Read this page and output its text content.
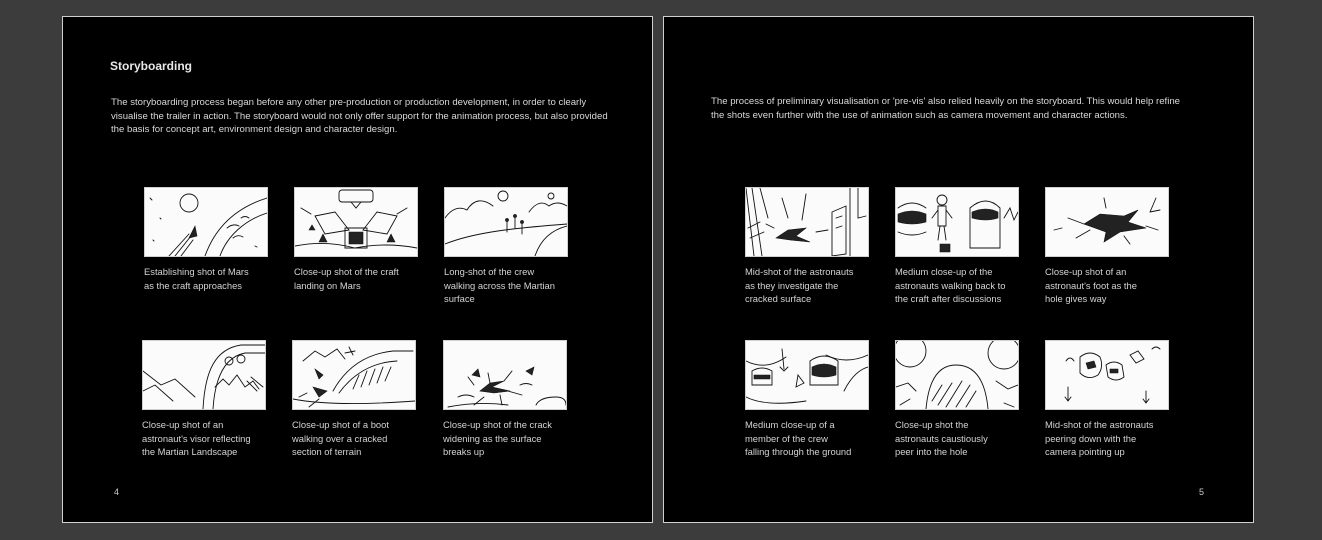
Storyboarding
The storyboarding process began before any other pre-production or production development, in order to clearly visualise the trailer in action. The storyboard would not only offer support for the animation process, but also provided the basis for concept art, environment design and character design.
Establishing shot of Mars
as the craft approaches
Close-up shot of the craft
landing on Mars
Long-shot of the crew
walking across the Martian
surface
Close-up shot of an
astronaut's visor reflecting
the Martian Landscape
Close-up shot of a boot
walking over a cracked
section of terrain
Close-up shot of the crack
widening as the surface
breaks up
4
The process of preliminary visualisation or 'pre-vis' also relied heavily on the storyboard. This would help refine the shots even further with the use of animation such as camera movement and character actions.
Mid-shot of the astronauts
as they investigate the
cracked surface
Medium close-up of the
astronauts walking back to
the craft after discussions
Close-up shot of an
astronaut's foot as the
hole gives way
Medium close-up of a
member of the crew
falling through the ground
Close-up shot the
astronauts caustiously
peer into the hole
Mid-shot of the astronauts
peering down with the
camera pointing up
5
